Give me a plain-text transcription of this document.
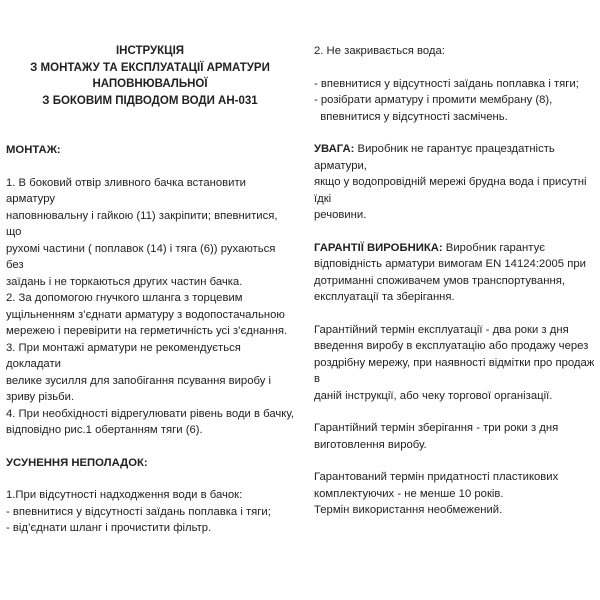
ІНСТРУКЦІЯ
З МОНТАЖУ ТА ЕКСПЛУАТАЦІЇ АРМАТУРИ
НАПОВНЮВАЛЬНОЇ
З БОКОВИМ ПІДВОДОМ ВОДИ АН-031

МОНТАЖ:

1. В боковий отвір зливного бачка встановити арматуру
наповнювальну і гайкою (11) закріпити; впевнитися, що
рухомі частини ( поплавок (14) і тяга (6)) рухаються без
заїдань і не торкаються других частин бачка.
2. За допомогою гнучкого шланга з торцевим
ущільненням з’єднати арматуру з водопостачальною
мережею і перевірити на герметичність усі з’єднання.
3. При монтажі арматури не рекомендується докладати
велике зусилля для запобігання псування виробу і
зриву різьби.
4. При необхідності відрегулювати рівень води в бачку,
відповідно рис.1 обертанням тяги (6).

УСУНЕННЯ НЕПОЛАДОК:

1.При відсутності надходження води в бачок:
- впевнитися у відсутності заїдань поплавка і тяги;
- від’єднати шланг і прочистити фільтр.
2. Не закривається вода:
- впевнитися у відсутності заїдань поплавка і тяги;
- розібрати арматуру і промити мембрану (8),
впевнитися у відсутності засмічень.
УВАГА: Виробник не гарантує працездатність арматури,
якщо у водопровідній мережі брудна вода і присутні їдкі
речовини.
ГАРАНТІЇ ВИРОБНИКА: Виробник гарантує
відповідність арматури вимогам EN 14124:2005 при
дотриманні споживачем умов транспортування,
експлуатації та зберігання.
Гарантійний термін експлуатації - два роки з дня
введення виробу в експлуатацію або продажу через
роздрібну мережу, при наявності відмітки про продаж в
даній інструкції, або чеку торгової організації.
Гарантійний термін зберігання - три роки з дня
виготовлення виробу.
Гарантований термін придатності пластикових
комплектуючих - не менше 10 років.
Термін використання необмежений.
